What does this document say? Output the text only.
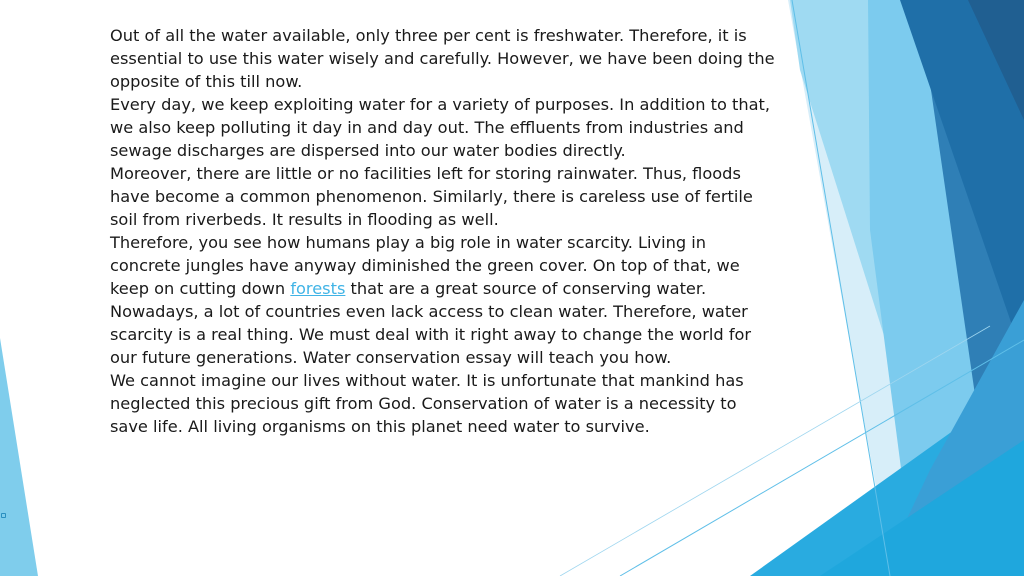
Out of all the water available, only three per cent is freshwater. Therefore, it is essential to use this water wisely and carefully. However, we have been doing the opposite of this till now.

Every day, we keep exploiting water for a variety of purposes. In addition to that, we also keep polluting it day in and day out. The effluents from industries and sewage discharges are dispersed into our water bodies directly.

Moreover, there are little or no facilities left for storing rainwater. Thus, floods have become a common phenomenon. Similarly, there is careless use of fertile soil from riverbeds. It results in flooding as well.

Therefore, you see how humans play a big role in water scarcity. Living in concrete jungles have anyway diminished the green cover. On top of that, we keep on cutting down forests that are a great source of conserving water.

Nowadays, a lot of countries even lack access to clean water. Therefore, water scarcity is a real thing. We must deal with it right away to change the world for our future generations. Water conservation essay will teach you how.

We cannot imagine our lives without water. It is unfortunate that mankind has neglected this precious gift from God. Conservation of water is a necessity to save life. All living organisms on this planet need water to survive.
